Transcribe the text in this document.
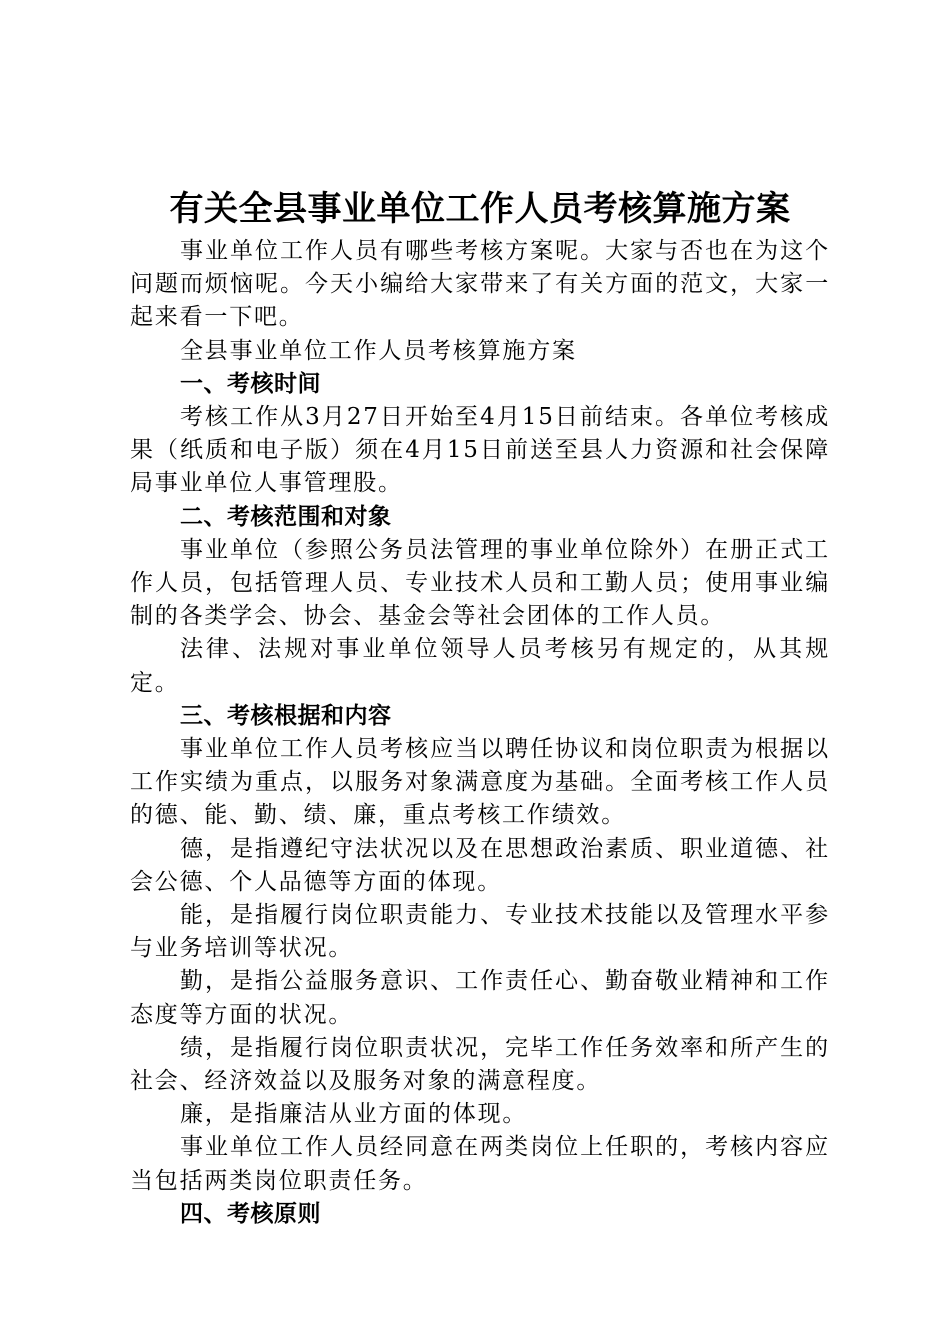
有关全县事业单位工作人员考核算施方案

事业单位工作人员有哪些考核方案呢。大家与否也在为这个问题而烦恼呢。今天小编给大家带来了有关方面的范文，大家一起来看一下吧。

全县事业单位工作人员考核算施方案

一、考核时间

考核工作从3月27日开始至4月15日前结束。各单位考核成果（纸质和电子版）须在4月15日前送至县人力资源和社会保障局事业单位人事管理股。

二、考核范围和对象

事业单位（参照公务员法管理的事业单位除外）在册正式工作人员，包括管理人员、专业技术人员和工勤人员；使用事业编制的各类学会、协会、基金会等社会团体的工作人员。

法律、法规对事业单位领导人员考核另有规定的，从其规定。

三、考核根据和内容

事业单位工作人员考核应当以聘任协议和岗位职责为根据以工作实绩为重点，以服务对象满意度为基础。全面考核工作人员的德、能、勤、绩、廉，重点考核工作绩效。

德，是指遵纪守法状况以及在思想政治素质、职业道德、社会公德、个人品德等方面的体现。

能，是指履行岗位职责能力、专业技术技能以及管理水平参与业务培训等状况。

勤，是指公益服务意识、工作责任心、勤奋敬业精神和工作态度等方面的状况。

绩，是指履行岗位职责状况，完毕工作任务效率和所产生的社会、经济效益以及服务对象的满意程度。

廉，是指廉洁从业方面的体现。

事业单位工作人员经同意在两类岗位上任职的，考核内容应当包括两类岗位职责任务。

四、考核原则
